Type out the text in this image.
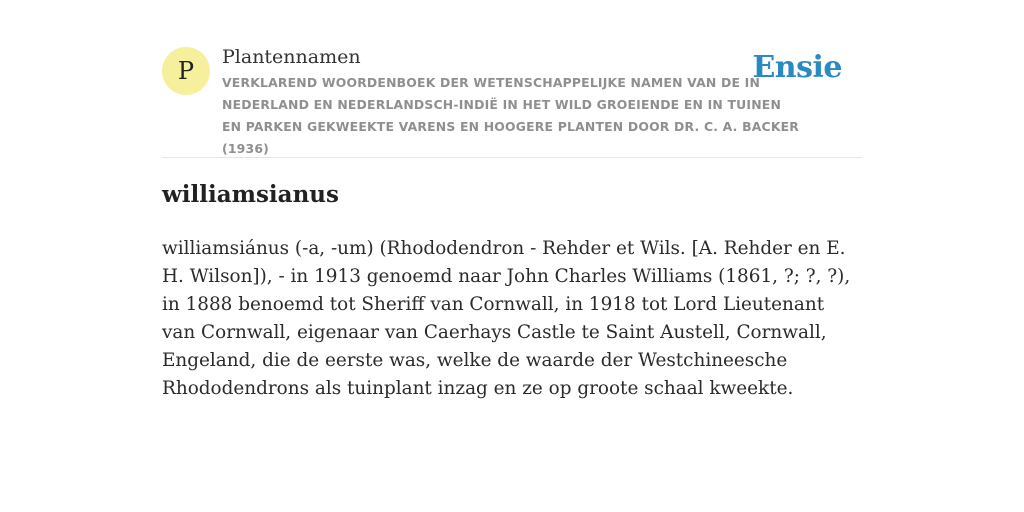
P	Plantennamen
VERKLAREND WOORDENBOEK DER WETENSCHAPPELIJKE NAMEN VAN DE IN NEDERLAND EN NEDERLANDSCH-INDIË IN HET WILD GROEIENDE EN IN TUINEN EN PARKEN GEKWEEKTE VARENS EN HOOGERE PLANTEN DOOR DR. C. A. BACKER (1936)
Ensie
williamsianus

williamsiánus (-a, -um) (Rhododendron - Rehder et Wils. [A. Rehder en E. H. Wilson]), - in 1913 genoemd naar John Charles Williams (1861, ?; ?, ?), in 1888 benoemd tot Sheriff van Cornwall, in 1918 tot Lord Lieutenant van Cornwall, eigenaar van Caerhays Castle te Saint Austell, Cornwall, Engeland, die de eerste was, welke de waarde der Westchineesche Rhododendrons als tuinplant inzag en ze op groote schaal kweekte.
